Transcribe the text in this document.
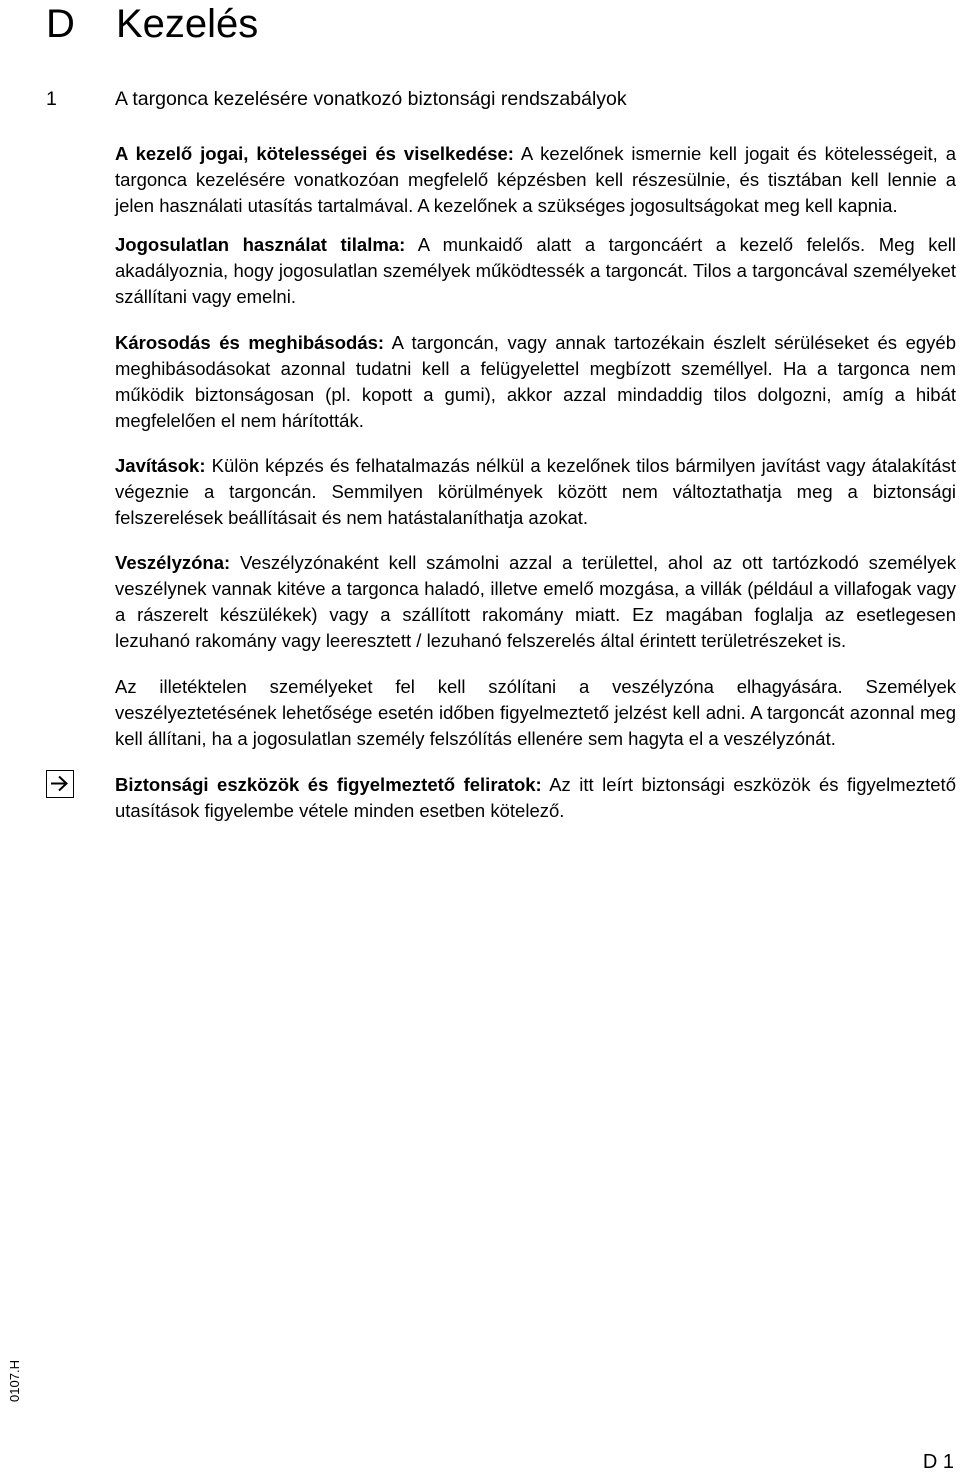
D Kezelés
1	A targonca kezelésére vonatkozó biztonsági rendszabályok

A kezelő jogai, kötelességei és viselkedése: A kezelőnek ismernie kell jogait és kötelességeit, a targonca kezelésére vonatkozóan megfelelő képzésben kell részesülnie, és tisztában kell lennie a jelen használati utasítás tartalmával. A kezelőnek a szükséges jogosultságokat meg kell kapnia.

Jogosulatlan használat tilalma: A munkaidő alatt a targoncáért a kezelő felelős. Meg kell akadályoznia, hogy jogosulatlan személyek működtessék a targoncát. Tilos a targoncával személyeket szállítani vagy emelni.

Károsodás és meghibásodás: A targoncán, vagy annak tartozékain észlelt sérüléseket és egyéb meghibásodásokat azonnal tudatni kell a felügyelettel megbízott személlyel. Ha a targonca nem működik biztonságosan (pl. kopott a gumi), akkor azzal mindaddig tilos dolgozni, amíg a hibát megfelelően el nem hárították.

Javítások: Külön képzés és felhatalmazás nélkül a kezelőnek tilos bármilyen javítást vagy átalakítást végeznie a targoncán. Semmilyen körülmények között nem változtathatja meg a biztonsági felszerelések beállításait és nem hatástalaníthatja azokat.

Veszélyzóna: Veszélyzónaként kell számolni azzal a területtel, ahol az ott tartózkodó személyek veszélynek vannak kitéve a targonca haladó, illetve emelő mozgása, a villák (például a villafogak vagy a rászerelt készülékek) vagy a szállított rakomány miatt. Ez magában foglalja az esetlegesen lezuhanó rakomány vagy leeresztett / lezuhanó felszerelés által érintett területrészeket is.

Az illetéktelen személyeket fel kell szólítani a veszélyzóna elhagyására. Személyek veszélyeztetésének lehetősége esetén időben figyelmeztető jelzést kell adni. A targoncát azonnal meg kell állítani, ha a jogosulatlan személy felszólítás ellenére sem hagyta el a veszélyzónát.

Biztonsági eszközök és figyelmeztető feliratok: Az itt leírt biztonsági eszközök és figyelmeztető utasítások figyelembe vétele minden esetben kötelező.

0107.H
D 1
